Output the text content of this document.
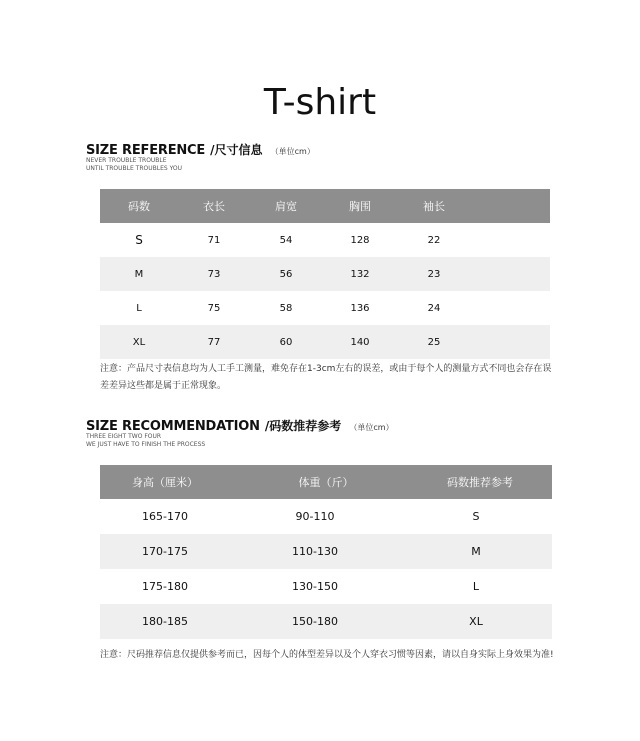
T-shirt
SIZE REFERENCE /尺寸信息 （单位cm）
NEVER TROUBLE TROUBLE
UNTIL TROUBLE TROUBLES YOU
码数	衣长	肩宽	胸围	袖长	
S	71	54	128	22	
M	73	56	132	23	
L	75	58	136	24	
XL	77	60	140	25	
注意：产品尺寸表信息均为人工手工测量，难免存在1-3cm左右的误差，或由于每个人的测量方式不同也会存在误
差差异这些都是属于正常现象。
SIZE RECOMMENDATION /码数推荐参考 （单位cm）
THREE EIGHT TWO FOUR
WE JUST HAVE TO FINISH THE PROCESS
身高（厘米）	体重（斤）	码数推荐参考
165-170	90-110	S
170-175	110-130	M
175-180	130-150	L
180-185	150-180	XL
注意：尺码推荐信息仅提供参考而已，因每个人的体型差异以及个人穿衣习惯等因素，请以自身实际上身效果为准!
